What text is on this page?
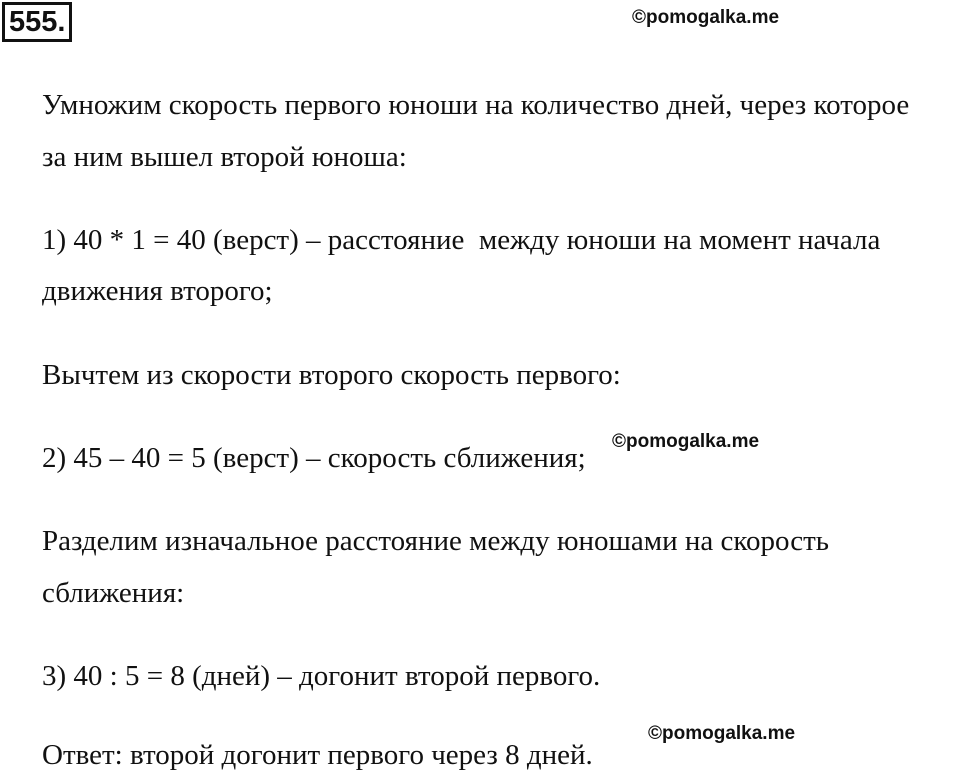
555.	©pomogalka.me
Умножим скорость первого юноши на количество дней, через которое
за ним вышел второй юноша:
1) 40 * 1 = 40 (верст) – расстояние  между юноши на момент начала
движения второго;
Вычтем из скорости второго скорость первого:
2) 45 – 40 = 5 (верст) – скорость сближения;
©pomogalka.me
Разделим изначальное расстояние между юношами на скорость
сближения:
3) 40 : 5 = 8 (дней) – догонит второй первого.
©pomogalka.me
Ответ: второй догонит первого через 8 дней.
